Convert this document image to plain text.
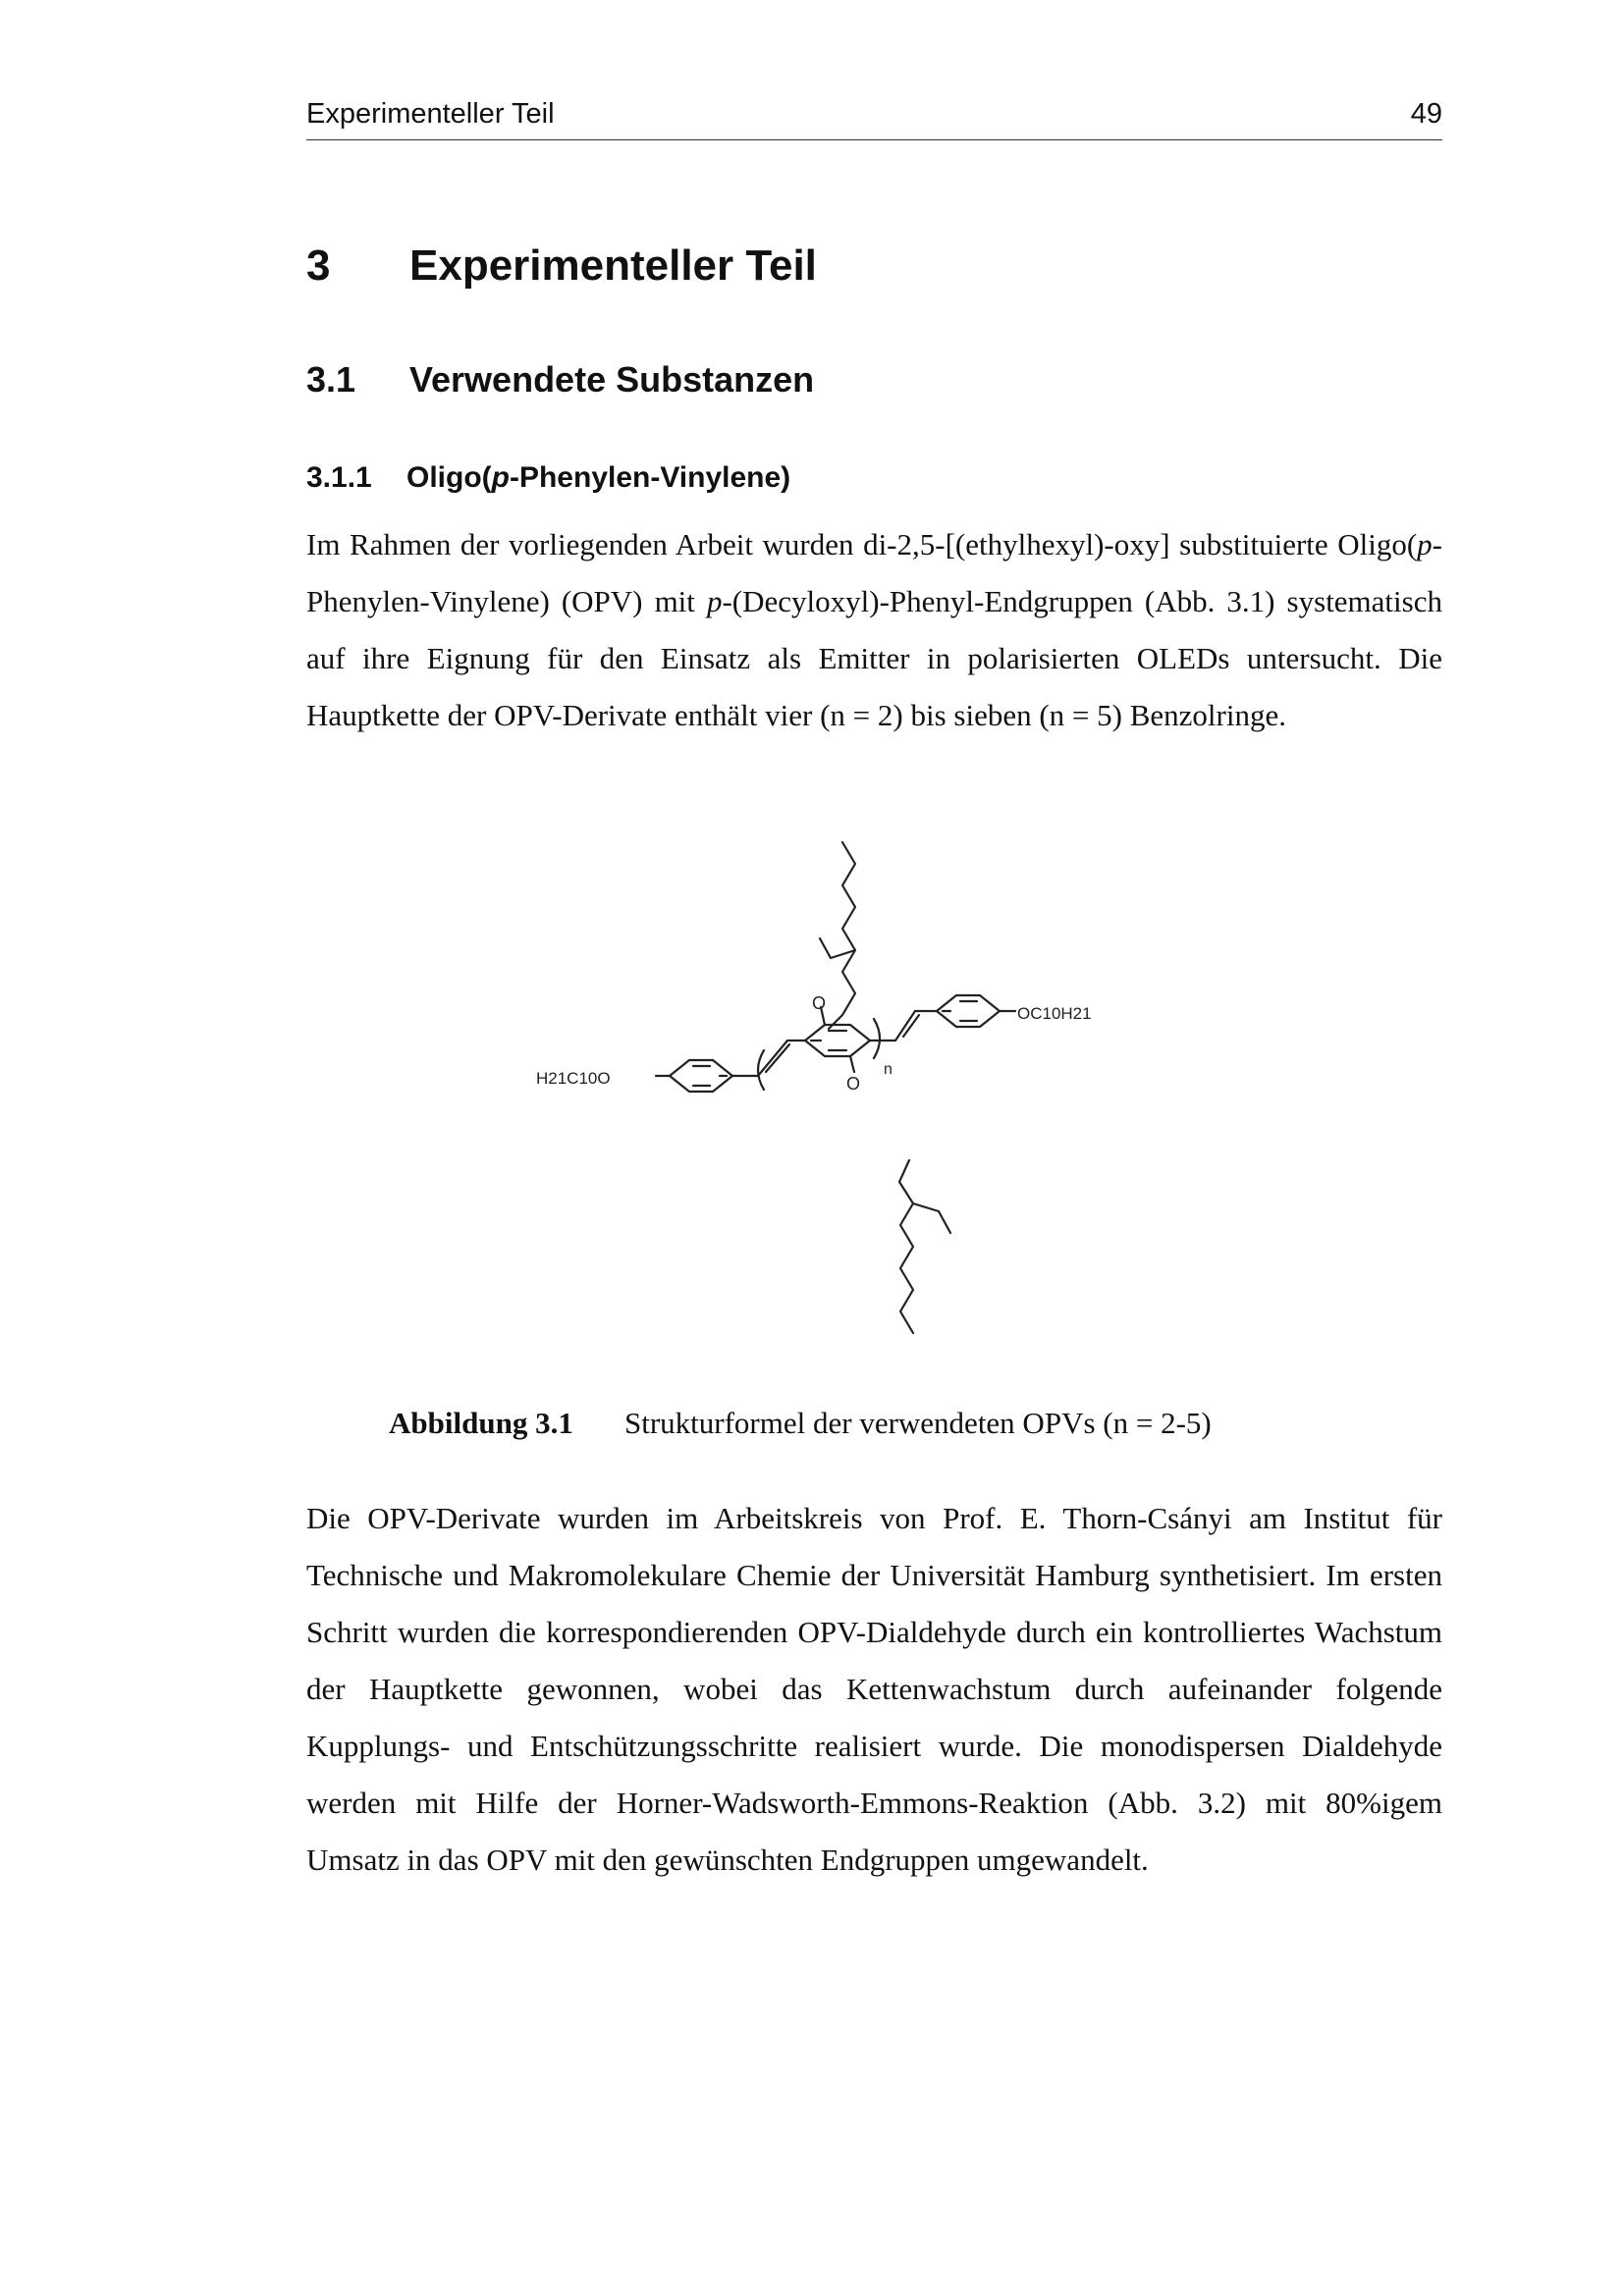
Experimenteller Teil	49
3 Experimenteller Teil
3.1 Verwendete Substanzen
3.1.1 Oligo(p-Phenylen-Vinylene)

Im Rahmen der vorliegenden Arbeit wurden di-2,5-[(ethylhexyl)-oxy] substituierte Oligo(p-Phenylen-Vinylene) (OPV) mit p-(Decyloxyl)-Phenyl-Endgruppen (Abb. 3.1) systematisch auf ihre Eignung für den Einsatz als Emitter in polarisierten OLEDs untersucht. Die Hauptkette der OPV-Derivate enthält vier (n = 2) bis sieben (n = 5) Benzolringe.

H21C10O
OC10H21
O
O
n
Abbildung 3.1 Strukturformel der verwendeten OPVs (n = 2-5)

Die OPV-Derivate wurden im Arbeitskreis von Prof. E. Thorn-Csányi am Institut für Technische und Makromolekulare Chemie der Universität Hamburg synthetisiert. Im ersten Schritt wurden die korrespondierenden OPV-Dialdehyde durch ein kontrolliertes Wachstum der Hauptkette gewonnen, wobei das Kettenwachstum durch aufeinander folgende Kupplungs- und Entschützungsschritte realisiert wurde. Die monodispersen Dialdehyde werden mit Hilfe der Horner-Wadsworth-Emmons-Reaktion (Abb. 3.2) mit 80%igem Umsatz in das OPV mit den gewünschten Endgruppen umgewandelt.
